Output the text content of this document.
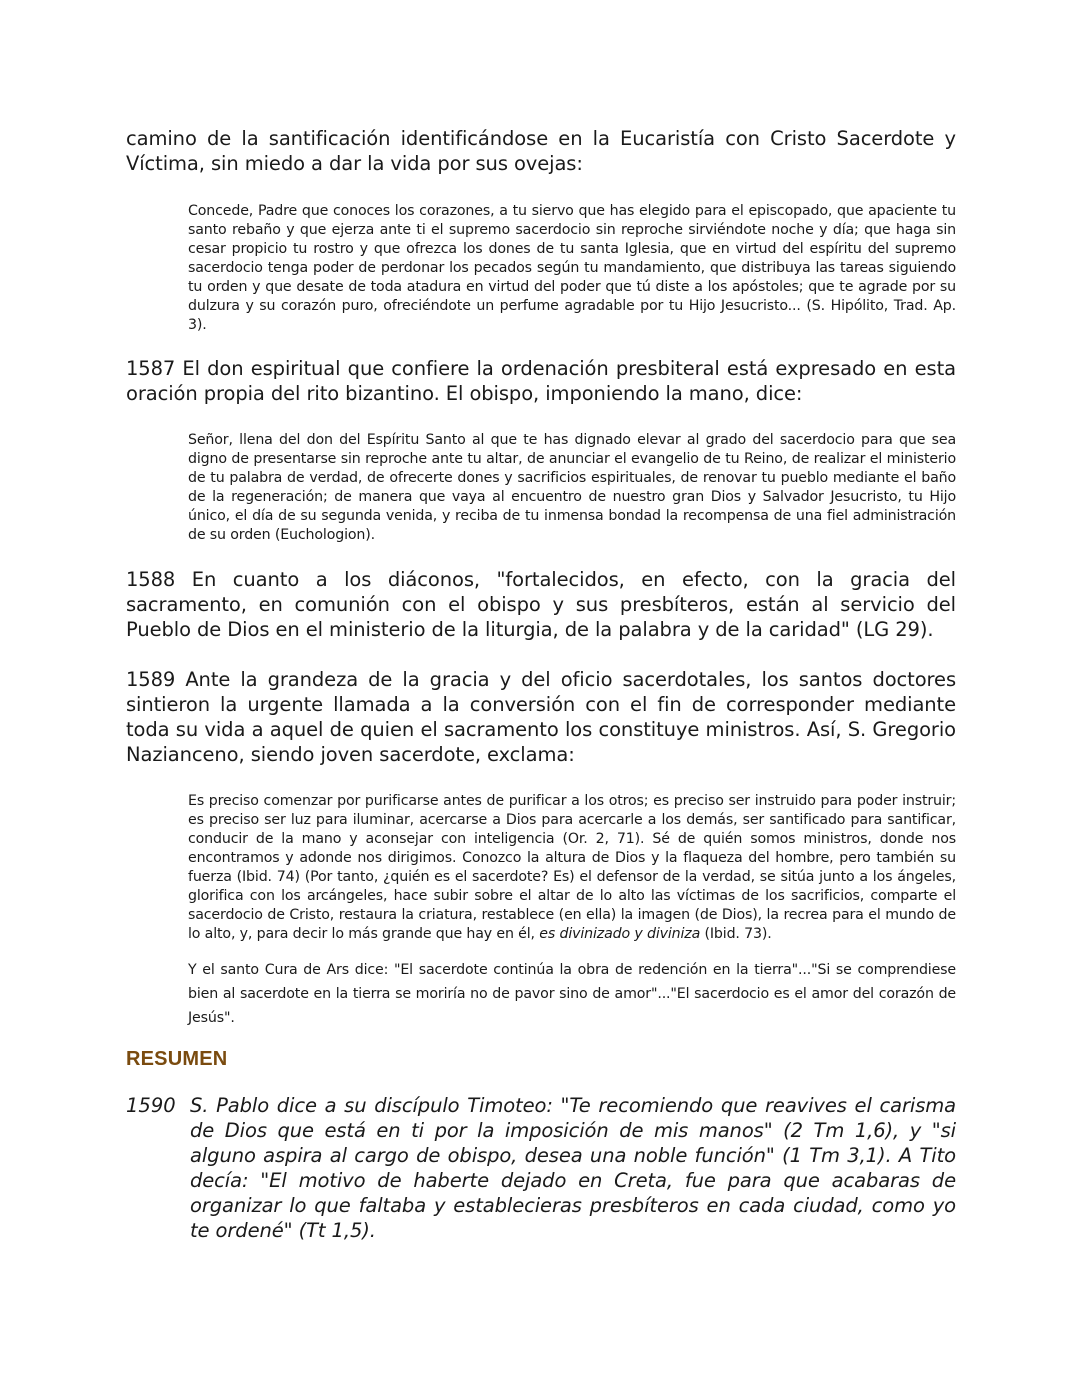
camino de la santificación identificándose en la Eucaristía con Cristo Sacerdote y Víctima, sin miedo a dar la vida por sus ovejas:

Concede, Padre que conoces los corazones, a tu siervo que has elegido para el episcopado, que apaciente tu santo rebaño y que ejerza ante ti el supremo sacerdocio sin reproche sirviéndote noche y día; que haga sin cesar propicio tu rostro y que ofrezca los dones de tu santa Iglesia, que en virtud del espíritu del supremo sacerdocio tenga poder de perdonar los pecados según tu mandamiento, que distribuya las tareas siguiendo tu orden y que desate de toda atadura en virtud del poder que tú diste a los apóstoles; que te agrade por su dulzura y su corazón puro, ofreciéndote un perfume agradable por tu Hijo Jesucristo... (S. Hipólito, Trad. Ap. 3).

1587 El don espiritual que confiere la ordenación presbiteral está expresado en esta oración propia del rito bizantino. El obispo, imponiendo la mano, dice:

Señor, llena del don del Espíritu Santo al que te has dignado elevar al grado del sacerdocio para que sea digno de presentarse sin reproche ante tu altar, de anunciar el evangelio de tu Reino, de realizar el ministerio de tu palabra de verdad, de ofrecerte dones y sacrificios espirituales, de renovar tu pueblo mediante el baño de la regeneración; de manera que vaya al encuentro de nuestro gran Dios y Salvador Jesucristo, tu Hijo único, el día de su segunda venida, y reciba de tu inmensa bondad la recompensa de una fiel administración de su orden (Euchologion).

1588 En cuanto a los diáconos, "fortalecidos, en efecto, con la gracia del sacramento, en comunión con el obispo y sus presbíteros, están al servicio del Pueblo de Dios en el ministerio de la liturgia, de la palabra y de la caridad" (LG 29).

1589 Ante la grandeza de la gracia y del oficio sacerdotales, los santos doctores sintieron la urgente llamada a la conversión con el fin de corresponder mediante toda su vida a aquel de quien el sacramento los constituye ministros. Así, S. Gregorio Nazianceno, siendo joven sacerdote, exclama:

Es preciso comenzar por purificarse antes de purificar a los otros; es preciso ser instruido para poder instruir; es preciso ser luz para iluminar, acercarse a Dios para acercarle a los demás, ser santificado para santificar, conducir de la mano y aconsejar con inteligencia (Or. 2, 71). Sé de quién somos ministros, donde nos encontramos y adonde nos dirigimos. Conozco la altura de Dios y la flaqueza del hombre, pero también su fuerza (Ibid. 74) (Por tanto, ¿quién es el sacerdote? Es) el defensor de la verdad, se sitúa junto a los ángeles, glorifica con los arcángeles, hace subir sobre el altar de lo alto las víctimas de los sacrificios, comparte el sacerdocio de Cristo, restaura la criatura, restablece (en ella) la imagen (de Dios), la recrea para el mundo de lo alto, y, para decir lo más grande que hay en él, es divinizado y diviniza (Ibid. 73).

Y el santo Cura de Ars dice: "El sacerdote continúa la obra de redención en la tierra"..."Si se comprendiese bien al sacerdote en la tierra se moriría no de pavor sino de amor"..."El sacerdocio es el amor del corazón de Jesús".

RESUMEN
1590 S. Pablo dice a su discípulo Timoteo: "Te recomiendo que reavives el carisma de Dios que está en ti por la imposición de mis manos" (2 Tm 1,6), y "si alguno aspira al cargo de obispo, desea una noble función" (1 Tm 3,1). A Tito decía: "El motivo de haberte dejado en Creta, fue para que acabaras de organizar lo que faltaba y establecieras presbíteros en cada ciudad, como yo te ordené" (Tt 1,5).
